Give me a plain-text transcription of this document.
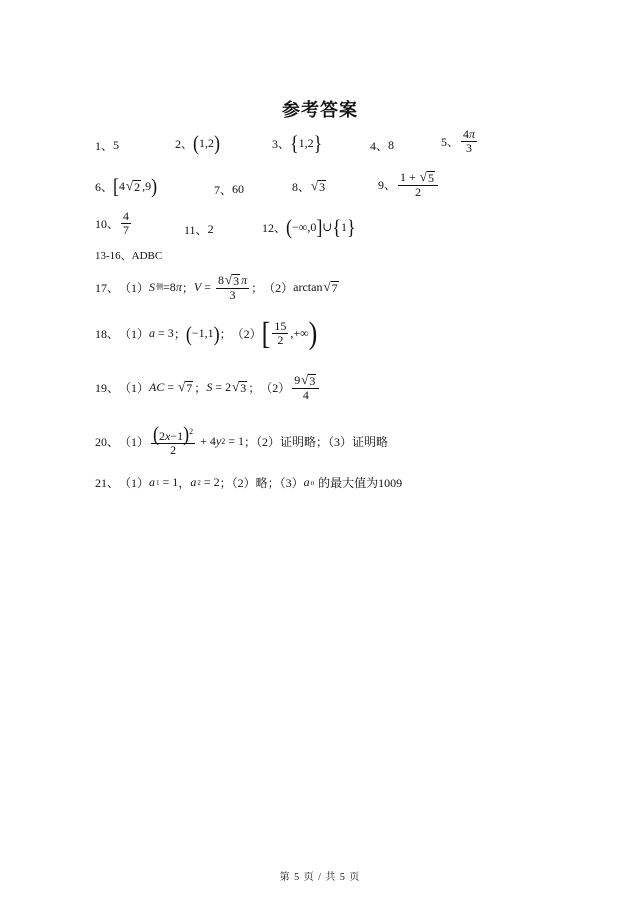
参考答案
1、 5	2、 ( 1,2 )	3、 { 1,2 }	4、 8	5、 $\frac{4\pi}{3}$
6、 [ 4 √ 2 ,9 )	7、 60	8、 √ 3	9、 $\frac{1 + √ 5}{2}$
10、 $\frac{4}{7}$	11、 2	12、 ( −∞,0 ] ∪ { 1 }
13-16、ADBC
17、 （1） S 侧 =8 π ； $V = \frac{8 √ 3 \pi}{3}$ ； （2） arctan √ 7
18、 （1） a = 3 ； ( −1,1 ) ； （2） [ $\frac{15}{2}$ ,+∞ )
19、 （1） AC = √ 7 ； S = 2 √ 3 ； $(2) \frac{9 √ 3}{4}$
20、 $(1) \frac{(2x-1)^2}{2} + 4$ y 2 = 1 ；（2）证明略；（3）证明略
21、 （1） a 1 = 1 ， a 2 = 2 ；（2）略；（3） a n 的最大值为1009
第 5 页 / 共 5 页
